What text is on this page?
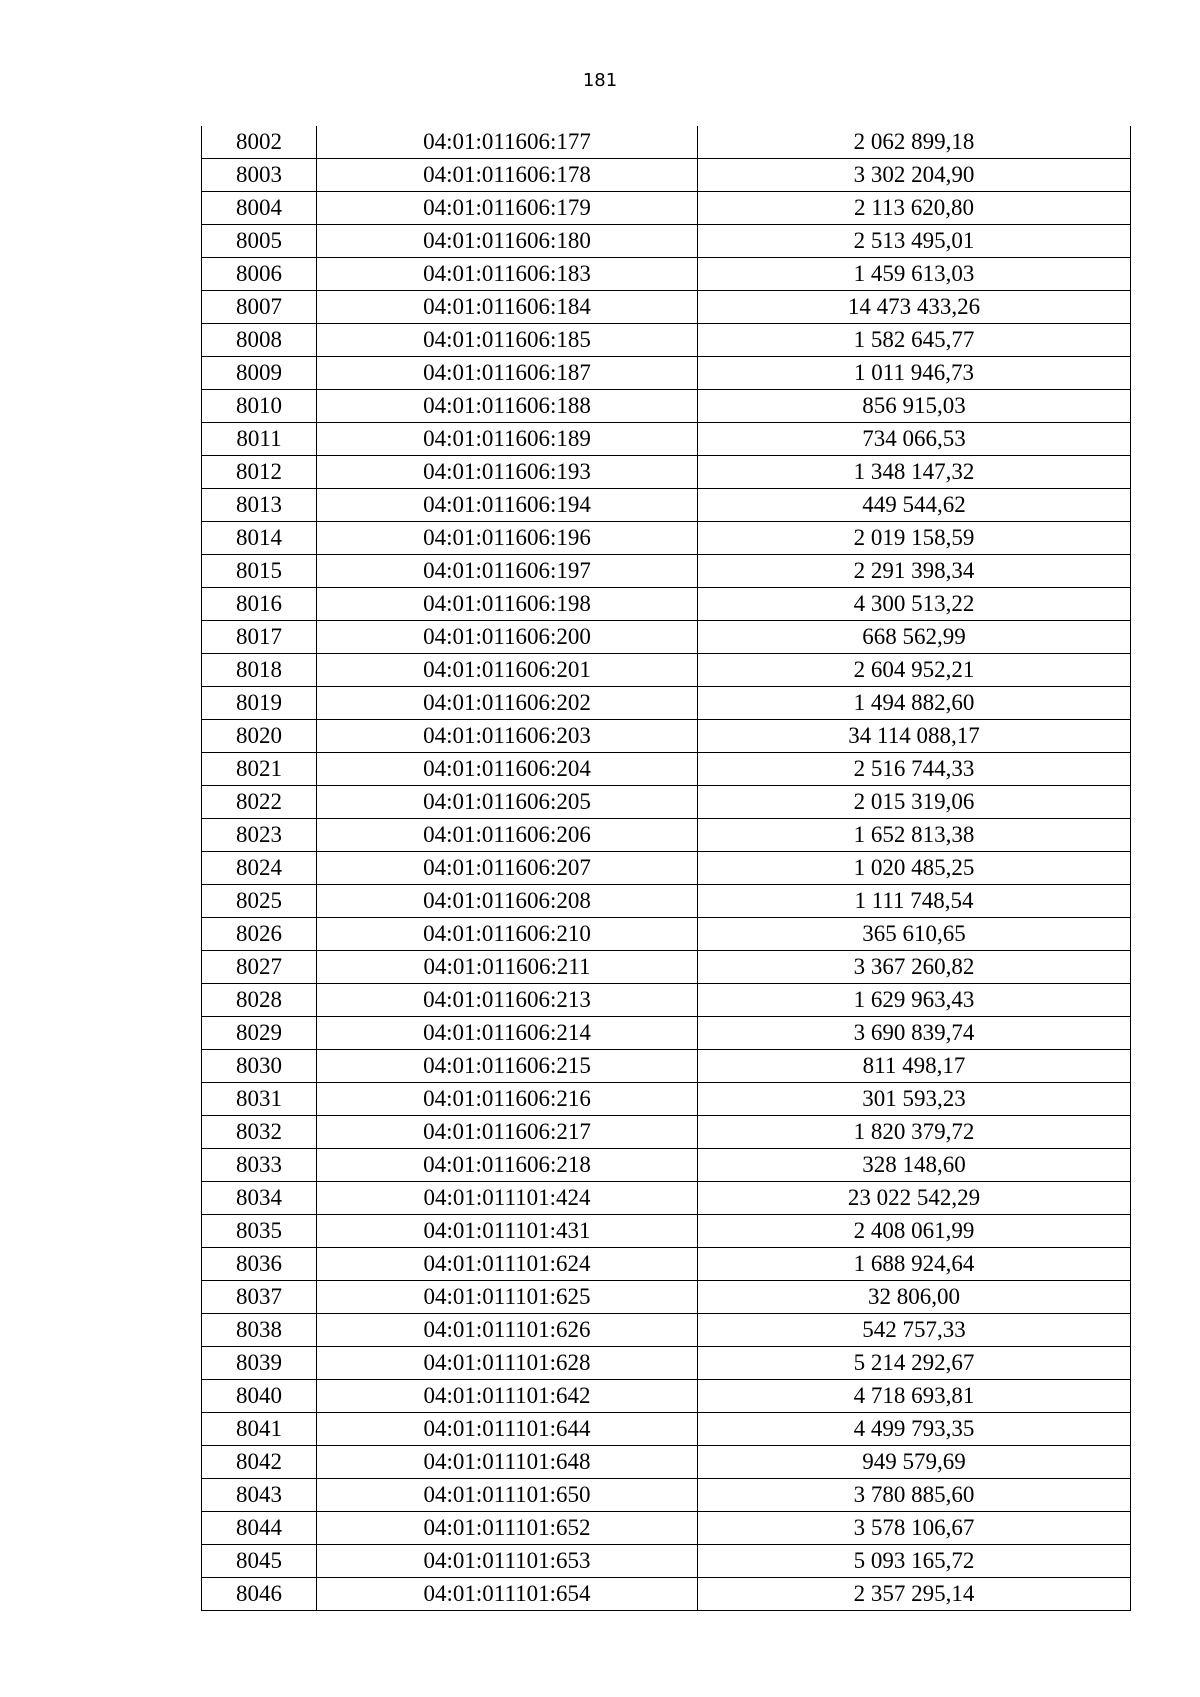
181
8002	04:01:011606:177	2 062 899,18
8003	04:01:011606:178	3 302 204,90
8004	04:01:011606:179	2 113 620,80
8005	04:01:011606:180	2 513 495,01
8006	04:01:011606:183	1 459 613,03
8007	04:01:011606:184	14 473 433,26
8008	04:01:011606:185	1 582 645,77
8009	04:01:011606:187	1 011 946,73
8010	04:01:011606:188	856 915,03
8011	04:01:011606:189	734 066,53
8012	04:01:011606:193	1 348 147,32
8013	04:01:011606:194	449 544,62
8014	04:01:011606:196	2 019 158,59
8015	04:01:011606:197	2 291 398,34
8016	04:01:011606:198	4 300 513,22
8017	04:01:011606:200	668 562,99
8018	04:01:011606:201	2 604 952,21
8019	04:01:011606:202	1 494 882,60
8020	04:01:011606:203	34 114 088,17
8021	04:01:011606:204	2 516 744,33
8022	04:01:011606:205	2 015 319,06
8023	04:01:011606:206	1 652 813,38
8024	04:01:011606:207	1 020 485,25
8025	04:01:011606:208	1 111 748,54
8026	04:01:011606:210	365 610,65
8027	04:01:011606:211	3 367 260,82
8028	04:01:011606:213	1 629 963,43
8029	04:01:011606:214	3 690 839,74
8030	04:01:011606:215	811 498,17
8031	04:01:011606:216	301 593,23
8032	04:01:011606:217	1 820 379,72
8033	04:01:011606:218	328 148,60
8034	04:01:011101:424	23 022 542,29
8035	04:01:011101:431	2 408 061,99
8036	04:01:011101:624	1 688 924,64
8037	04:01:011101:625	32 806,00
8038	04:01:011101:626	542 757,33
8039	04:01:011101:628	5 214 292,67
8040	04:01:011101:642	4 718 693,81
8041	04:01:011101:644	4 499 793,35
8042	04:01:011101:648	949 579,69
8043	04:01:011101:650	3 780 885,60
8044	04:01:011101:652	3 578 106,67
8045	04:01:011101:653	5 093 165,72
8046	04:01:011101:654	2 357 295,14
